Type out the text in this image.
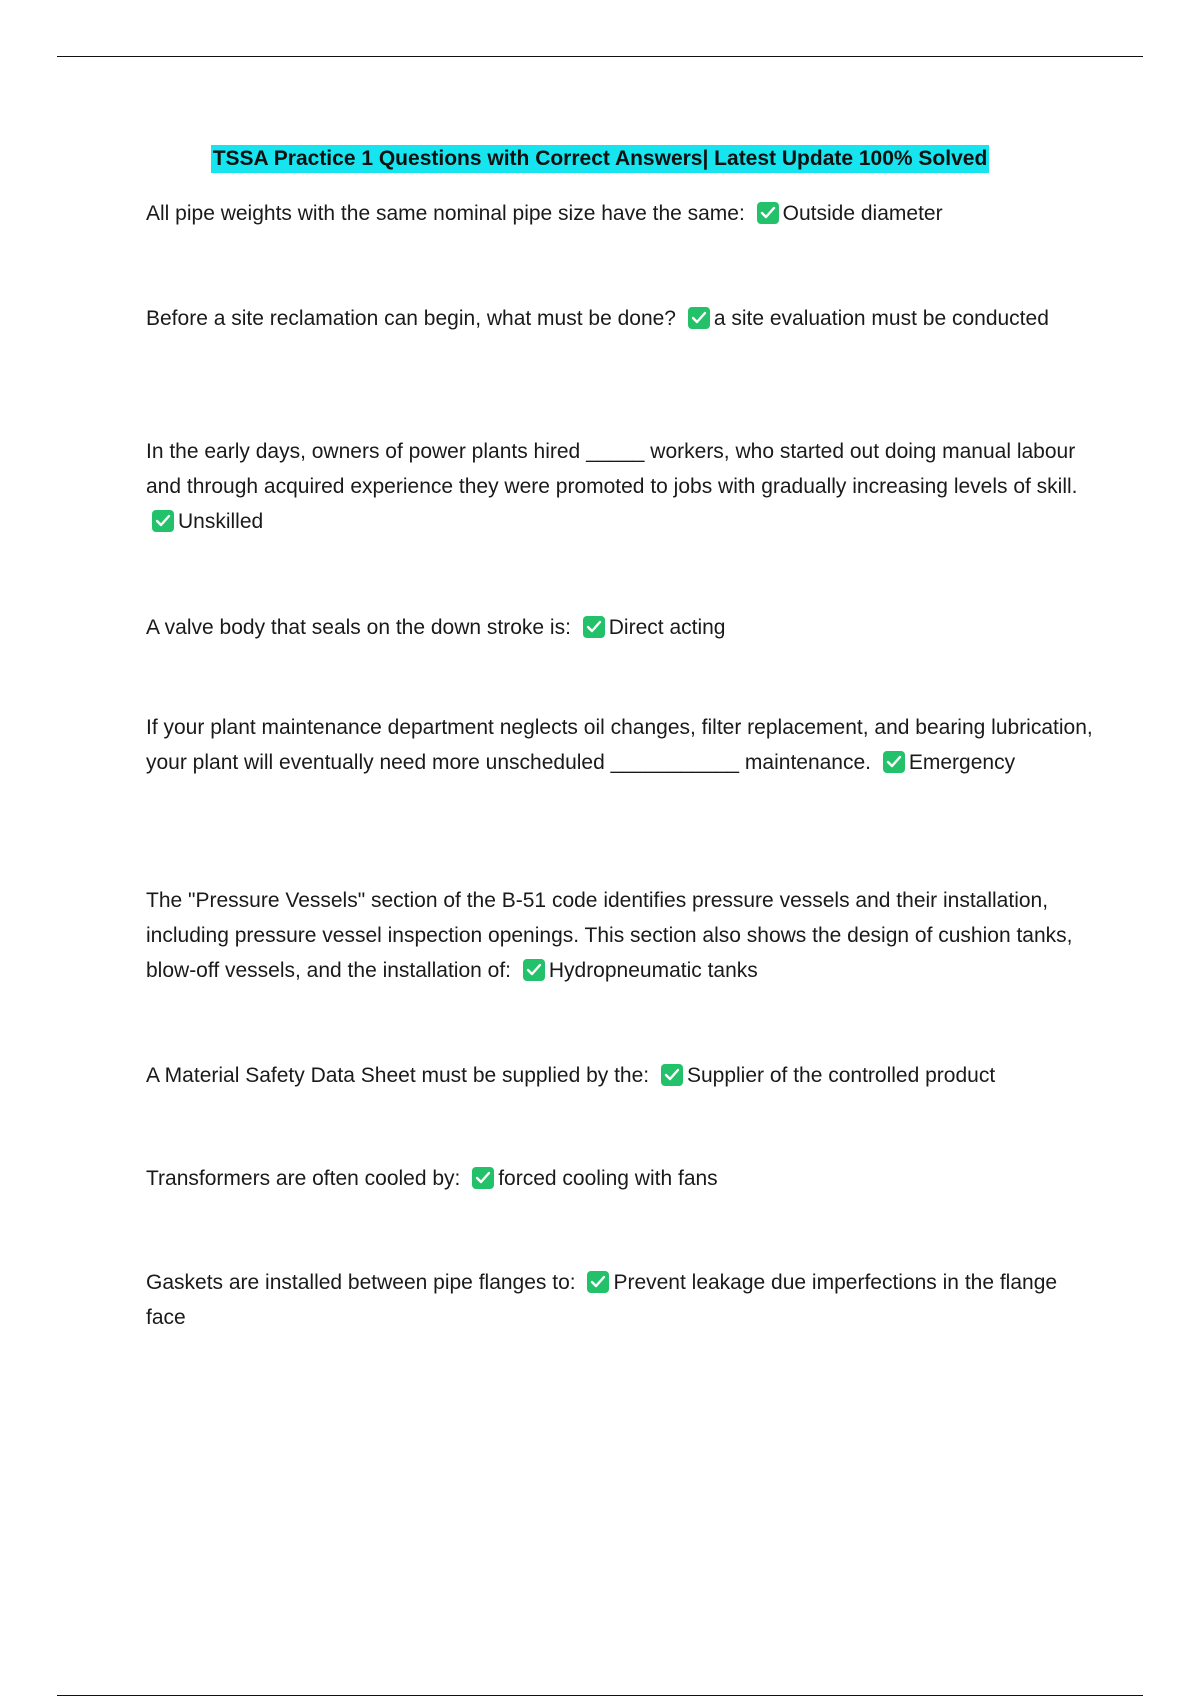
TSSA Practice 1 Questions with Correct Answers| Latest Update 100% Solved

All pipe weights with the same nominal pipe size have the same: Outside diameter

Before a site reclamation can begin, what must be done? a site evaluation must be conducted

In the early days, owners of power plants hired _____ workers, who started out doing manual labour and through acquired experience they were promoted to jobs with gradually increasing levels of skill.
Unskilled

A valve body that seals on the down stroke is: Direct acting

If your plant maintenance department neglects oil changes, filter replacement, and bearing lubrication, your plant will eventually need more unscheduled ___________ maintenance. Emergency

The "Pressure Vessels" section of the B-51 code identifies pressure vessels and their installation, including pressure vessel inspection openings. This section also shows the design of cushion tanks, blow-off vessels, and the installation of: Hydropneumatic tanks

A Material Safety Data Sheet must be supplied by the: Supplier of the controlled product

Transformers are often cooled by: forced cooling with fans

Gaskets are installed between pipe flanges to: Prevent leakage due imperfections in the flange face
